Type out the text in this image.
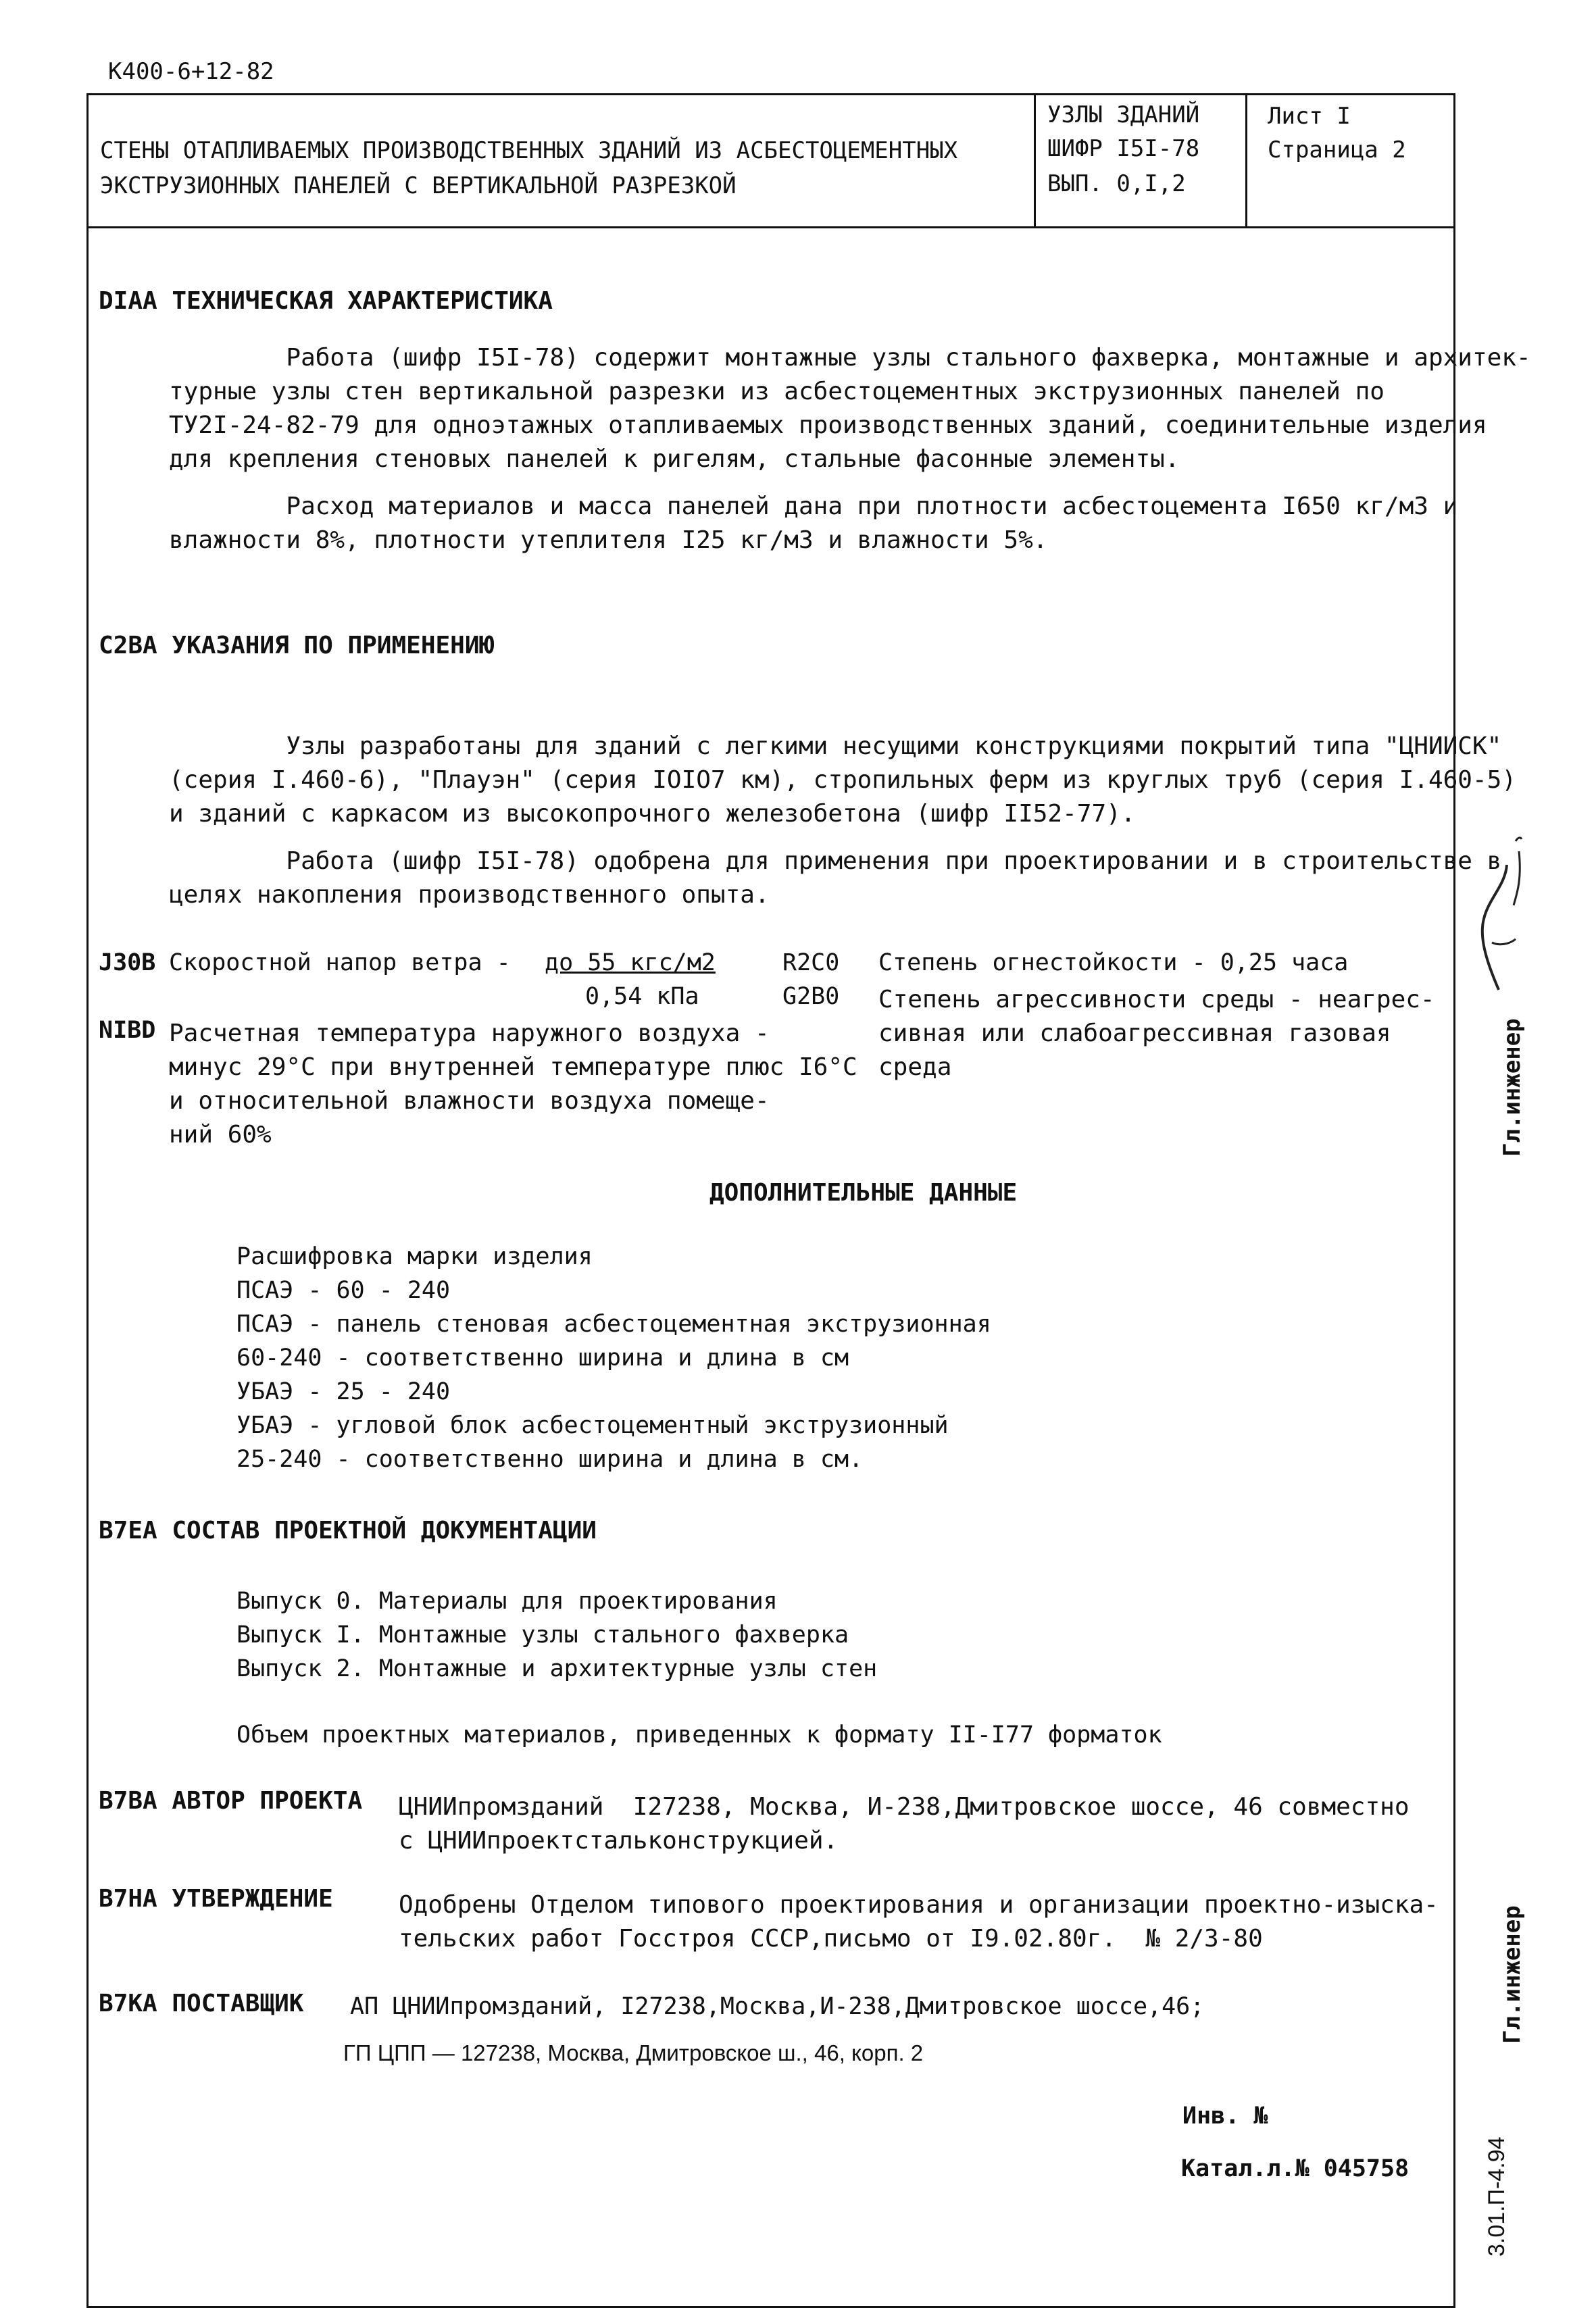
К400-6+12-82
СТЕНЫ ОТАПЛИВАЕМЫХ ПРОИЗВОДСТВЕННЫХ ЗДАНИЙ ИЗ АСБЕСТОЦЕМЕНТНЫХ
ЭКСТРУЗИОННЫХ ПАНЕЛЕЙ С ВЕРТИКАЛЬНОЙ РАЗРЕЗКОЙ
УЗЛЫ ЗДАНИЙ
ШИФР I5I-78
ВЫП. 0,I,2
Лист I
Страница 2
DIAA ТЕХНИЧЕСКАЯ ХАРАКТЕРИСТИКА
Работа (шифр I5I-78) содержит монтажные узлы стального фахверка, монтажные и архитек-
турные узлы стен вертикальной разрезки из асбестоцементных экструзионных панелей по
ТУ2I-24-82-79 для одноэтажных отапливаемых производственных зданий, соединительные изделия
для крепления стеновых панелей к ригелям, стальные фасонные элементы.
Расход материалов и масса панелей дана при плотности асбестоцемента I650 кг/м3 и
влажности 8%, плотности утеплителя I25 кг/м3 и влажности 5%.
C2BA УКАЗАНИЯ ПО ПРИМЕНЕНИЮ
Узлы разработаны для зданий с легкими несущими конструкциями покрытий типа "ЦНИИСК"
(серия I.460-6), "Плауэн" (серия IOIO7 км), стропильных ферм из круглых труб (серия I.460-5)
и зданий с каркасом из высокопрочного железобетона (шифр II52-77).
Работа (шифр I5I-78) одобрена для применения при проектировании и в строительстве в
целях накопления производственного опыта.
J30B Скоростной напор ветра - до 55 кгс/м2
0,54 кПа
NIBD Расчетная температура наружного воздуха -
минус 29°С при внутренней температуре плюс I6°С
и относительной влажности воздуха помеще-
ний 60%
R2C0 Степень огнестойкости - 0,25 часа
G2B0 Степень агрессивности среды - неагрес-
сивная или слабоагрессивная газовая
среда
ДОПОЛНИТЕЛЬНЫЕ ДАННЫЕ
Расшифровка марки изделия
ПСАЭ - 60 - 240
ПСАЭ - панель стеновая асбестоцементная экструзионная
60-240 - соответственно ширина и длина в см
УБАЭ - 25 - 240
УБАЭ - угловой блок асбестоцементный экструзионный
25-240 - соответственно ширина и длина в см.
B7EA СОСТАВ ПРОЕКТНОЙ ДОКУМЕНТАЦИИ
Выпуск 0. Материалы для проектирования
Выпуск I. Монтажные узлы стального фахверка
Выпуск 2. Монтажные и архитектурные узлы стен
Объем проектных материалов, приведенных к формату II-I77 форматок
B7BA АВТОР ПРОЕКТА ЦНИИпромзданий  I27238, Москва, И-238,Дмитровское шоссе, 46 совместно
с ЦНИИпроектстальконструкцией.
B7HA УТВЕРЖДЕНИЕ	Одобрены Отделом типового проектирования и организации проектно-изыска-
тельских работ Госстроя СССР,письмо от I9.02.80г.  № 2/3-80
B7KA ПОСТАВЩИК АП ЦНИИпромзданий, I27238,Москва,И-238,Дмитровское шоссе,46;
ГП ЦПП — 127238, Москва, Дмитровское ш., 46, корп. 2
Инв. №
Катал.л.№ 045758
Гл.инженер
Гл.инженер
3.01.П-4.94
